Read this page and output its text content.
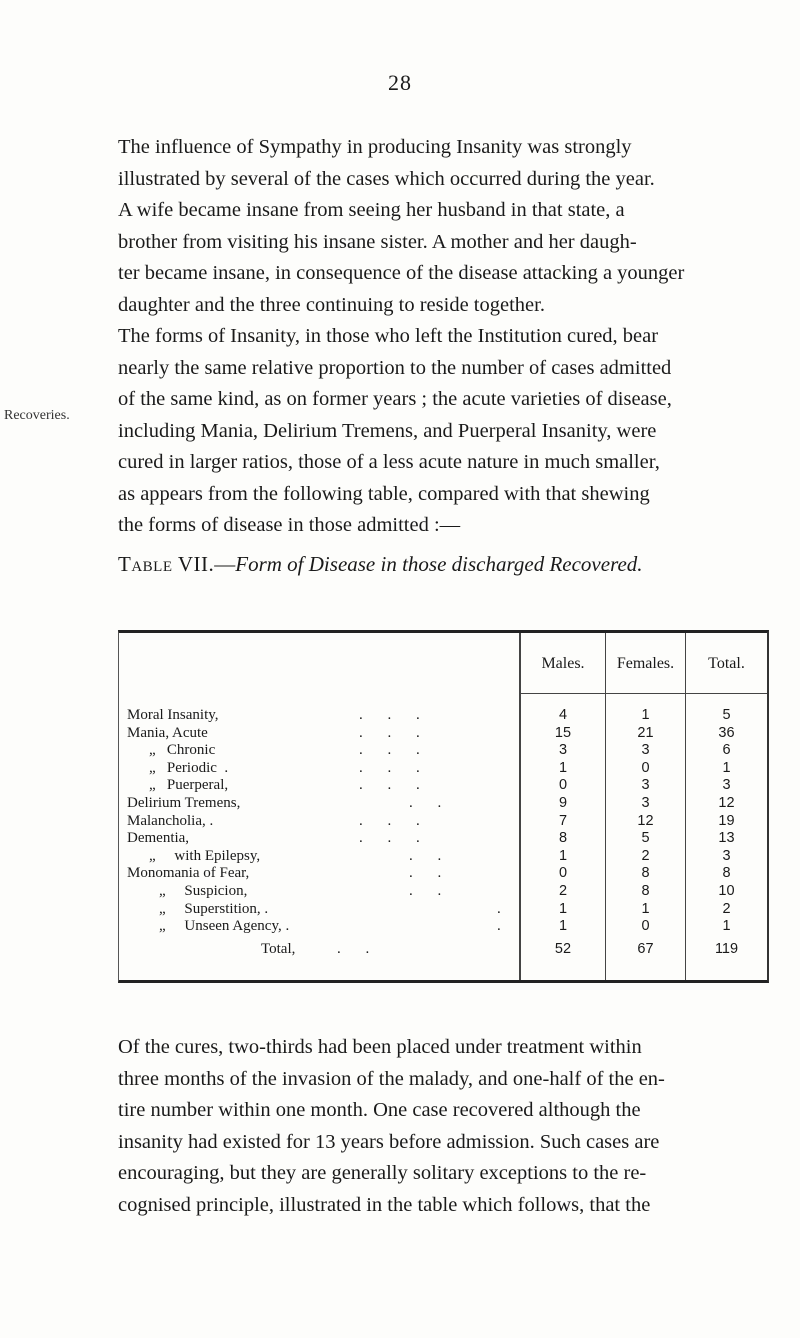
28
Recoveries.
The influence of Sympathy in producing Insanity was strongly
illustrated by several of the cases which occurred during the year.
A wife became insane from seeing her husband in that state, a
brother from visiting his insane sister. A mother and her daugh-
ter became insane, in consequence of the disease attacking a younger
daughter and the three continuing to reside together.
The forms of Insanity, in those who left the Institution cured, bear
nearly the same relative proportion to the number of cases admitted
of the same kind, as on former years ; the acute varieties of disease,
including Mania, Delirium Tremens, and Puerperal Insanity, were
cured in larger ratios, those of a less acute nature in much smaller,
as appears from the following table, compared with that shewing
the forms of disease in those admitted :—
Table VII.—Form of Disease in those discharged Recovered.
Males.	Females.	Total.
Moral Insanity,	.     .     .	4	1	5
Mania, Acute	.     .     .	15	21	36
„   Chronic	.     .     .	3	3	6
„   Periodic  .	.     .     .	1	0	1
„   Puerperal,	.     .     .	0	3	3
Delirium Tremens,	.     .	9	3	12
Malancholia, .	.     .     .	7	12	19
Dementia,	.     .     .	8	5	13
„     with Epilepsy,	.     .	1	2	3
Monomania of Fear,	.     .	0	8	8
„     Suspicion,	.     .	2	8	10
„     Superstition, .	.	1	1	2
„     Unseen Agency, .	.	1	0	1
Total,	.     .	52	67	119
Of the cures, two-thirds had been placed under treatment within
three months of the invasion of the malady, and one-half of the en-
tire number within one month. One case recovered although the
insanity had existed for 13 years before admission. Such cases are
encouraging, but they are generally solitary exceptions to the re-
cognised principle, illustrated in the table which follows, that the
